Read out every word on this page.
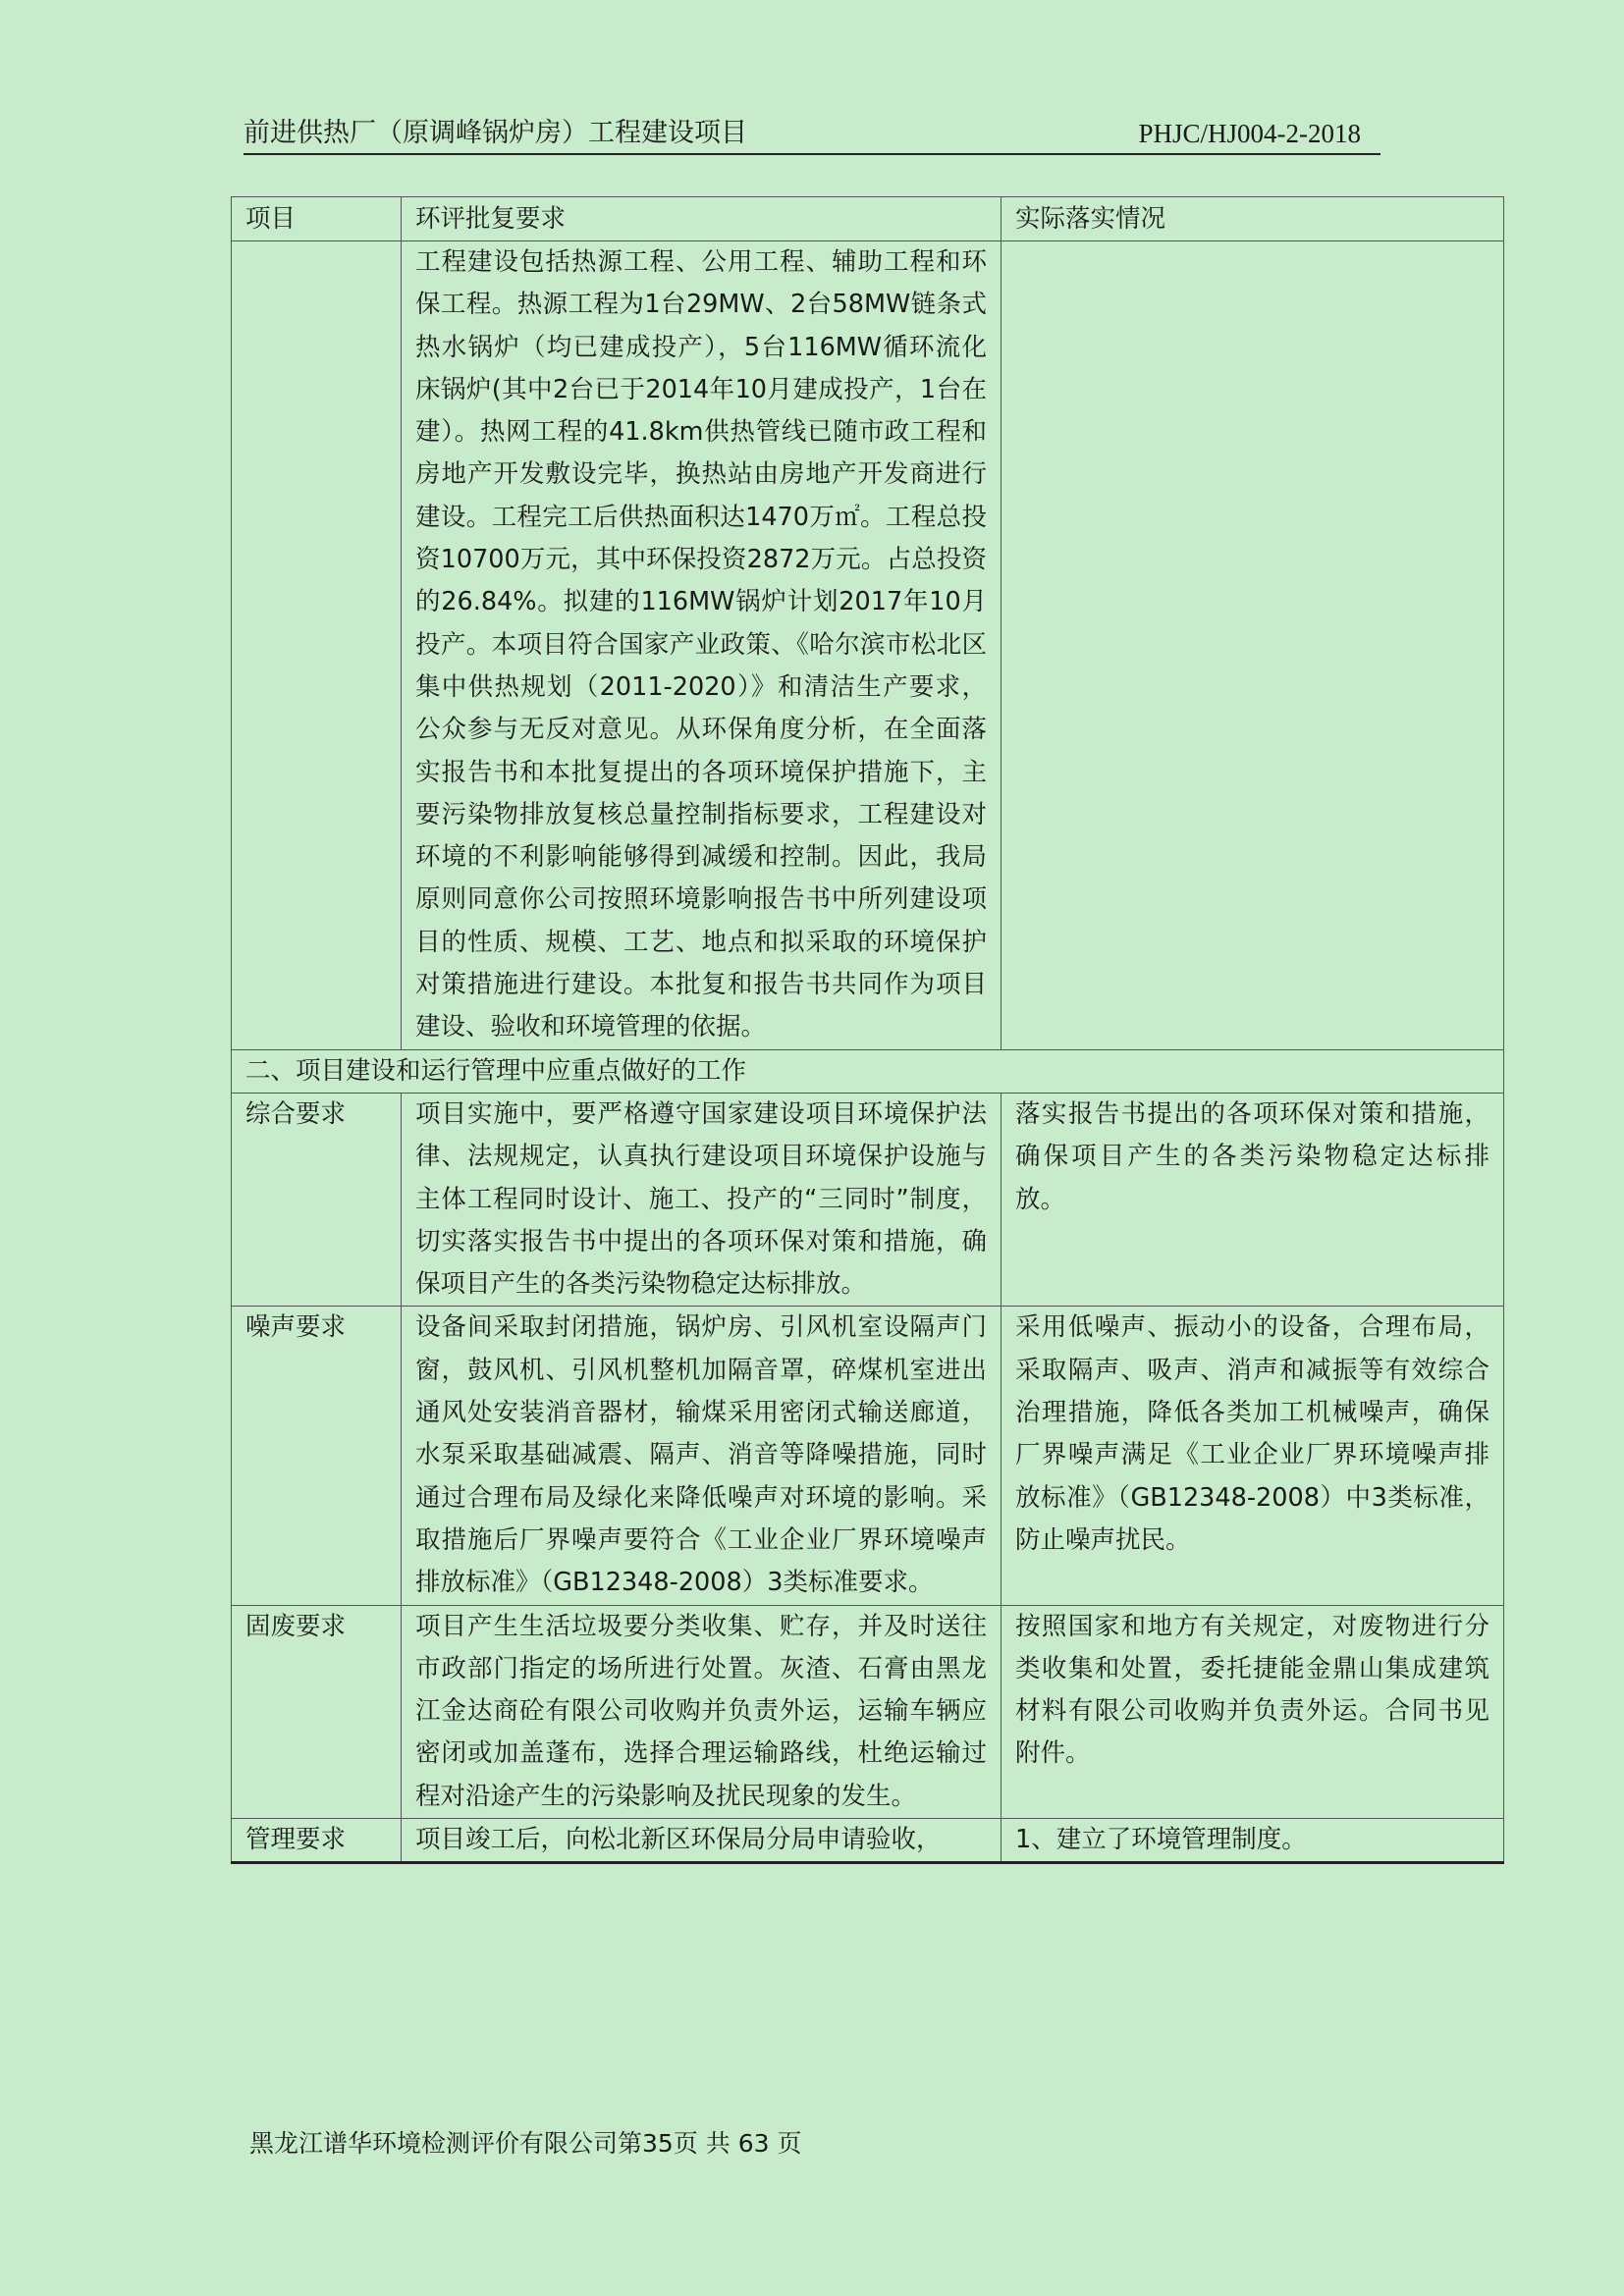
前进供热厂（原调峰锅炉房）工程建设项目	PHJC/HJ004-2-2018
项目	环评批复要求	实际落实情况
	工程建设包括热源工程、公用工程、辅助工程和环保工程。热源工程为1台29MW、2台58MW链条式热水锅炉（均已建成投产），5台116MW循环流化床锅炉(其中2台已于2014年10月建成投产，1台在建）。热网工程的41.8km供热管线已随市政工程和房地产开发敷设完毕，换热站由房地产开发商进行建设。工程完工后供热面积达1470万㎡。工程总投资10700万元，其中环保投资2872万元。占总投资的26.84%。拟建的116MW锅炉计划2017年10月投产。本项目符合国家产业政策、《哈尔滨市松北区集中供热规划（2011-2020）》和清洁生产要求，公众参与无反对意见。从环保角度分析，在全面落实报告书和本批复提出的各项环境保护措施下，主要污染物排放复核总量控制指标要求，工程建设对环境的不利影响能够得到减缓和控制。因此，我局原则同意你公司按照环境影响报告书中所列建设项目的性质、规模、工艺、地点和拟采取的环境保护对策措施进行建设。本批复和报告书共同作为项目建设、验收和环境管理的依据。	
二、项目建设和运行管理中应重点做好的工作		
综合要求	项目实施中，要严格遵守国家建设项目环境保护法律、法规规定，认真执行建设项目环境保护设施与主体工程同时设计、施工、投产的“三同时”制度，切实落实报告书中提出的各项环保对策和措施，确保项目产生的各类污染物稳定达标排放。	落实报告书提出的各项环保对策和措施，确保项目产生的各类污染物稳定达标排放。
噪声要求	设备间采取封闭措施，锅炉房、引风机室设隔声门窗，鼓风机、引风机整机加隔音罩，碎煤机室进出通风处安装消音器材，输煤采用密闭式输送廊道，水泵采取基础减震、隔声、消音等降噪措施，同时通过合理布局及绿化来降低噪声对环境的影响。采取措施后厂界噪声要符合《工业企业厂界环境噪声排放标准》（GB12348-2008）3类标准要求。	采用低噪声、振动小的设备，合理布局，采取隔声、吸声、消声和减振等有效综合治理措施，降低各类加工机械噪声，确保厂界噪声满足《工业企业厂界环境噪声排放标准》（GB12348-2008）中3类标准，防止噪声扰民。
固废要求	项目产生生活垃圾要分类收集、贮存，并及时送往市政部门指定的场所进行处置。灰渣、石膏由黑龙江金达商砼有限公司收购并负责外运，运输车辆应密闭或加盖蓬布，选择合理运输路线，杜绝运输过程对沿途产生的污染影响及扰民现象的发生。	按照国家和地方有关规定，对废物进行分类收集和处置，委托捷能金鼎山集成建筑材料有限公司收购并负责外运。合同书见附件。
管理要求	项目竣工后，向松北新区环保局分局申请验收，	1、建立了环境管理制度。
黑龙江谱华环境检测评价有限公司第35页 共 63 页
